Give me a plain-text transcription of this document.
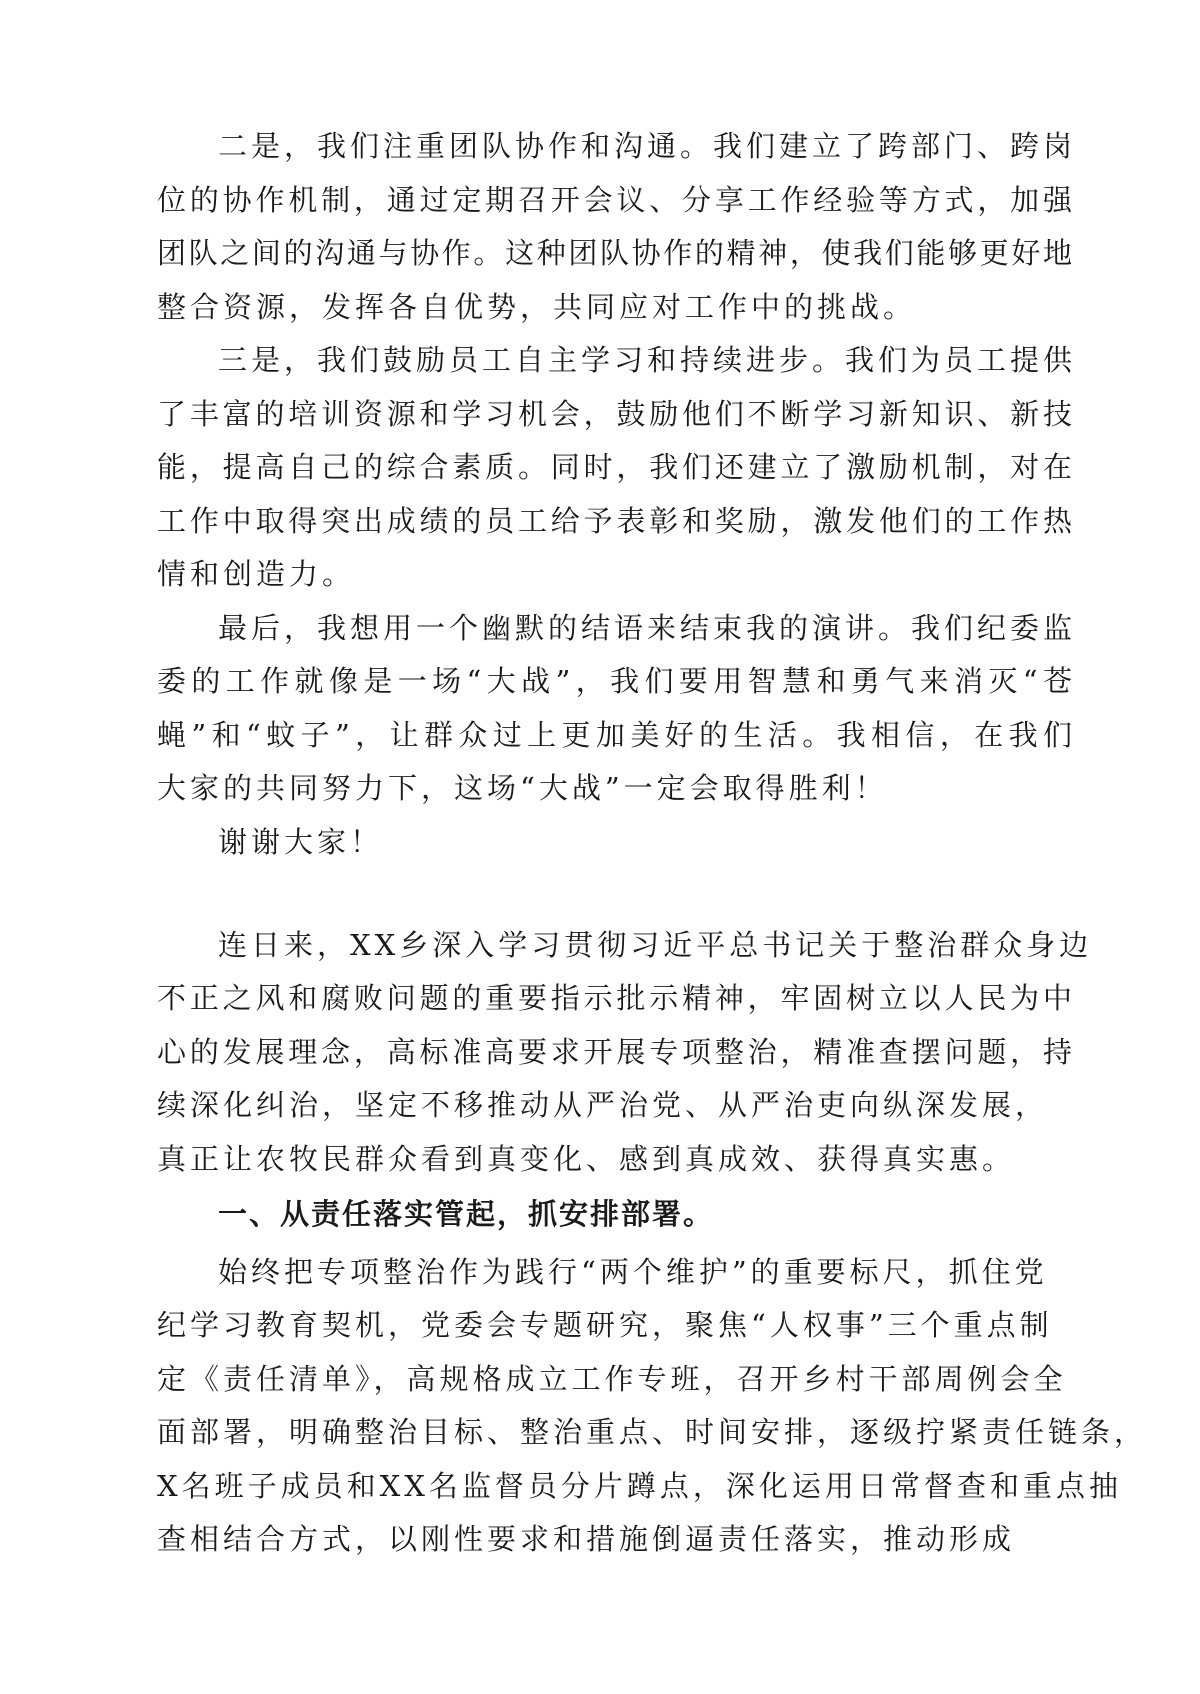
二是，我们注重团队协作和沟通。我们建立了跨部门、跨岗
位的协作机制，通过定期召开会议、分享工作经验等方式，加强
团队之间的沟通与协作。这种团队协作的精神，使我们能够更好地
整合资源，发挥各自优势，共同应对工作中的挑战。
三是，我们鼓励员工自主学习和持续进步。我们为员工提供
了丰富的培训资源和学习机会，鼓励他们不断学习新知识、新技
能，提高自己的综合素质。同时，我们还建立了激励机制，对在
工作中取得突出成绩的员工给予表彰和奖励，激发他们的工作热
情和创造力。
最后，我想用一个幽默的结语来结束我的演讲。我们纪委监
委的工作就像是一场“大战”，我们要用智慧和勇气来消灭“苍
蝇”和“蚊子”，让群众过上更加美好的生活。我相信，在我们
大家的共同努力下，这场“大战”一定会取得胜利！
谢谢大家！
连日来，XX乡深入学习贯彻习近平总书记关于整治群众身边
不正之风和腐败问题的重要指示批示精神，牢固树立以人民为中
心的发展理念，高标准高要求开展专项整治，精准查摆问题，持
续深化纠治，坚定不移推动从严治党、从严治吏向纵深发展，
真正让农牧民群众看到真变化、感到真成效、获得真实惠。
一、从责任落实管起，抓安排部署。
始终把专项整治作为践行“两个维护”的重要标尺，抓住党
纪学习教育契机，党委会专题研究，聚焦“人权事”三个重点制
定《责任清单》，高规格成立工作专班，召开乡村干部周例会全
面部署，明确整治目标、整治重点、时间安排，逐级拧紧责任链条，
X名班子成员和XX名监督员分片蹲点，深化运用日常督查和重点抽
查相结合方式，以刚性要求和措施倒逼责任落实，推动形成
